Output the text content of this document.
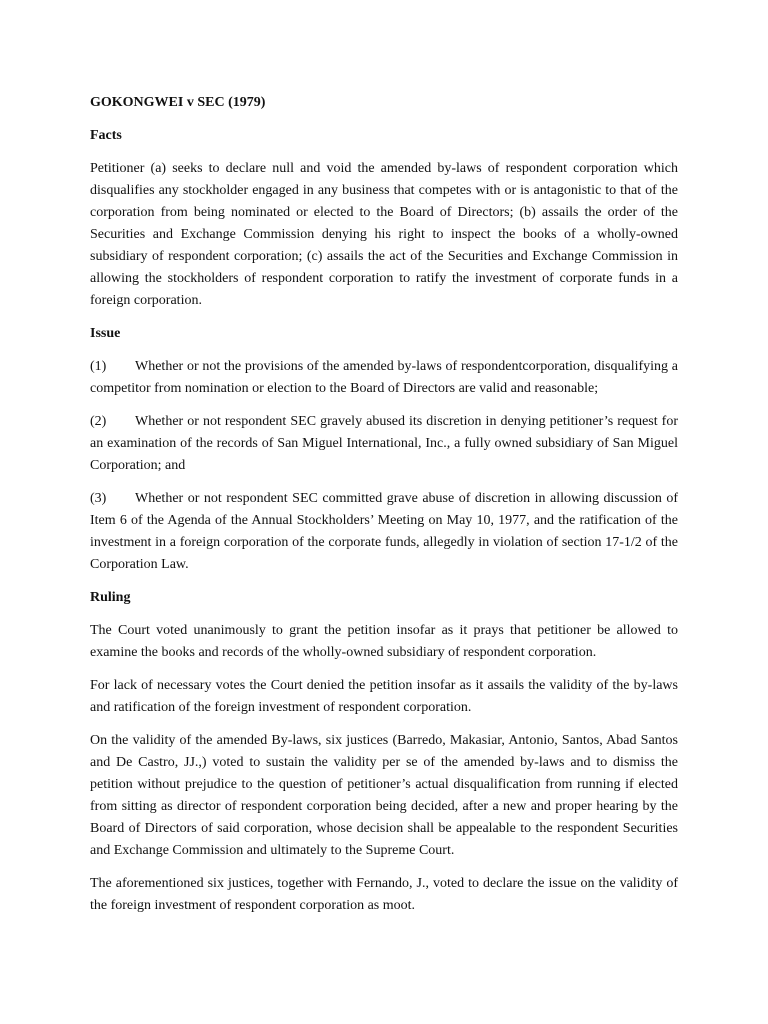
GOKONGWEI v SEC (1979)
Facts

Petitioner (a) seeks to declare null and void the amended by-laws of respondent corporation which disqualifies any stockholder engaged in any business that competes with or is antagonistic to that of the corporation from being nominated or elected to the Board of Directors; (b) assails the order of the Securities and Exchange Commission denying his right to inspect the books of a wholly-owned subsidiary of respondent corporation; (c) assails the act of the Securities and Exchange Commission in allowing the stockholders of respondent corporation to ratify the investment of corporate funds in a foreign corporation.

Issue
(1) Whether or not the provisions of the amended by-laws of respondentcorporation, disqualifying a competitor from nomination or election to the Board of Directors are valid and reasonable;
(2) Whether or not respondent SEC gravely abused its discretion in denying petitioner’s request for an examination of the records of San Miguel International, Inc., a fully owned subsidiary of San Miguel Corporation; and
(3) Whether or not respondent SEC committed grave abuse of discretion in allowing discussion of Item 6 of the Agenda of the Annual Stockholders’ Meeting on May 10, 1977, and the ratification of the investment in a foreign corporation of the corporate funds, allegedly in violation of section 17-1/2 of the Corporation Law.
Ruling

The Court voted unanimously to grant the petition insofar as it prays that petitioner be allowed to examine the books and records of the wholly-owned subsidiary of respondent corporation.

For lack of necessary votes the Court denied the petition insofar as it assails the validity of the by-laws and ratification of the foreign investment of respondent corporation.

On the validity of the amended By-laws, six justices (Barredo, Makasiar, Antonio, Santos, Abad Santos and De Castro, JJ.,) voted to sustain the validity per se of the amended by-laws and to dismiss the petition without prejudice to the question of petitioner’s actual disqualification from running if elected from sitting as director of respondent corporation being decided, after a new and proper hearing by the Board of Directors of said corporation, whose decision shall be appealable to the respondent Securities and Exchange Commission and ultimately to the Supreme Court.

The aforementioned six justices, together with Fernando, J., voted to declare the issue on the validity of the foreign investment of respondent corporation as moot.
